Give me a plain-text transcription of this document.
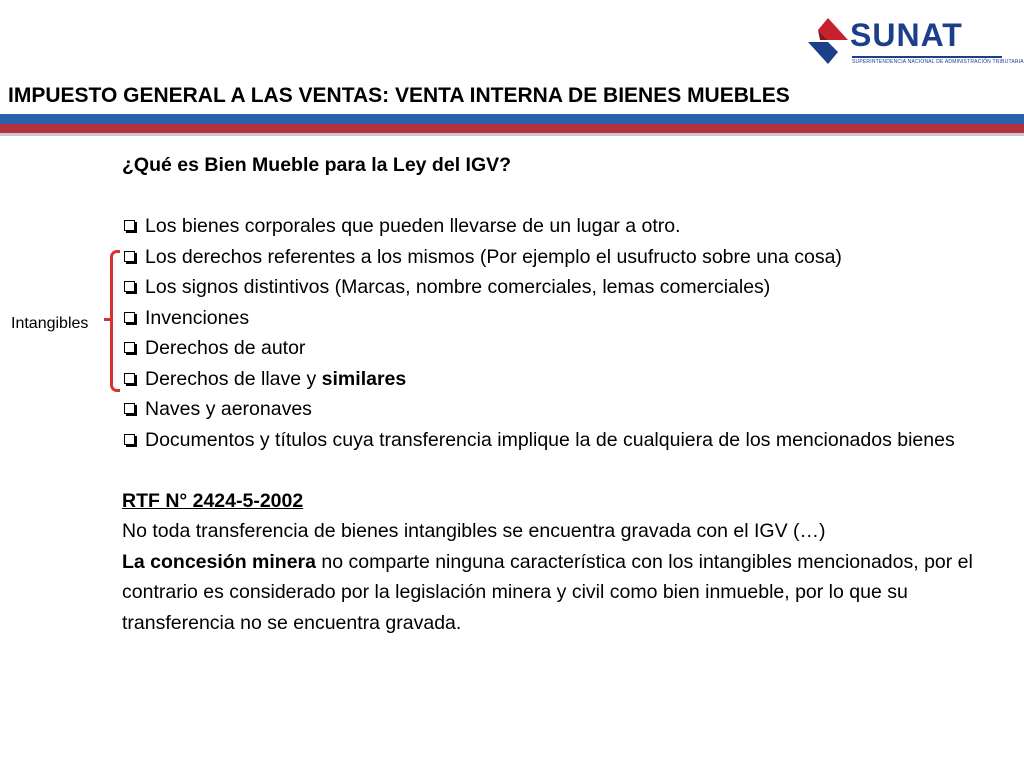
SUNAT
SUPERINTENDENCIA NACIONAL DE ADMINISTRACIÓN TRIBUTARIA
IMPUESTO GENERAL A LAS VENTAS: VENTA INTERNA DE BIENES MUEBLES
Intangibles
¿Qué es Bien Mueble para la Ley del IGV?
Los bienes corporales que pueden llevarse de un lugar a otro.
Los derechos referentes a los mismos (Por ejemplo el usufructo sobre una cosa)
Los signos distintivos (Marcas, nombre comerciales, lemas comerciales)
Invenciones
Derechos de autor
Derechos de llave y similares
Naves y aeronaves
Documentos y títulos cuya transferencia implique la de cualquiera de los mencionados bienes
RTF N° 2424-5-2002
No toda transferencia de bienes intangibles se encuentra gravada con el IGV (…)
La concesión minera no comparte ninguna característica con los intangibles mencionados, por el contrario es considerado por la legislación minera y civil como bien inmueble, por lo que su transferencia no se encuentra gravada.
